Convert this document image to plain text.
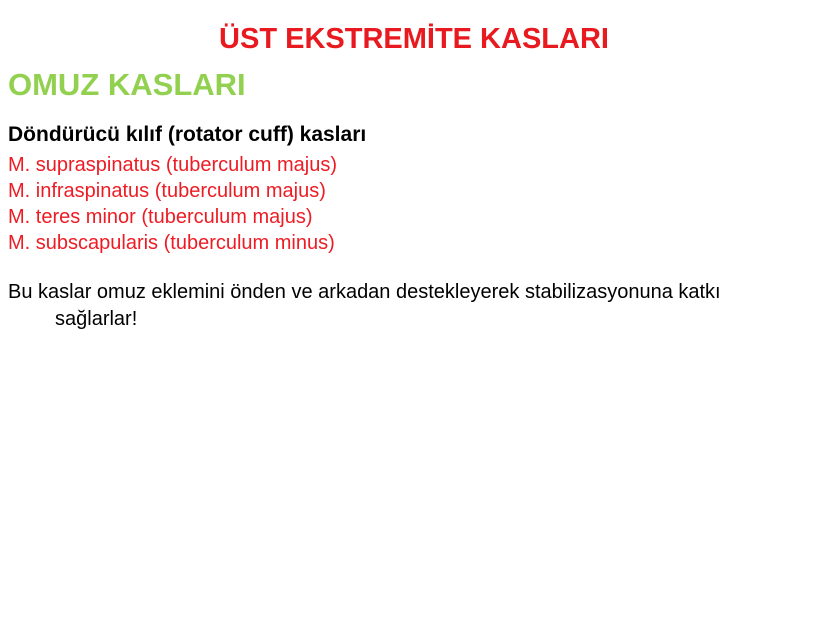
ÜST EKSTREMİTE KASLARI
OMUZ KASLARI

Döndürücü kılıf (rotator cuff) kasları

M. supraspinatus (tuberculum majus)

M. infraspinatus (tuberculum majus)

M. teres minor (tuberculum majus)

M. subscapularis (tuberculum minus)

Bu kaslar omuz eklemini önden ve arkadan destekleyerek stabilizasyonuna katkı

sağlarlar!
